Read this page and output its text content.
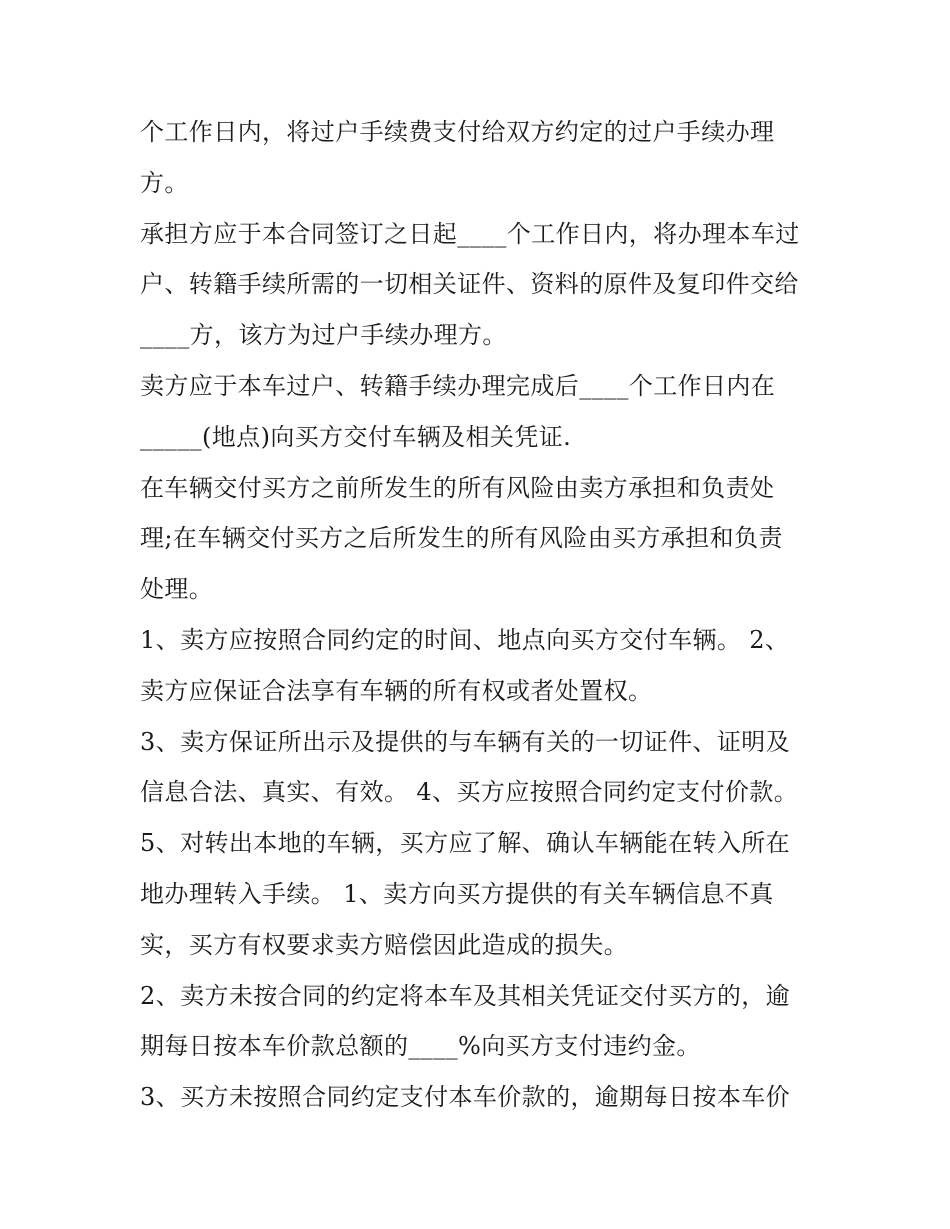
个工作日内，将过户手续费支付给双方约定的过户手续办理
方。
承担方应于本合同签订之日起____个工作日内，将办理本车过
户、转籍手续所需的一切相关证件、资料的原件及复印件交给
____方，该方为过户手续办理方。
卖方应于本车过户、转籍手续办理完成后____个工作日内在
_____(地点)向买方交付车辆及相关凭证.
在车辆交付买方之前所发生的所有风险由卖方承担和负责处
理;在车辆交付买方之后所发生的所有风险由买方承担和负责
处理。
1、卖方应按照合同约定的时间、地点向买方交付车辆。 2、
卖方应保证合法享有车辆的所有权或者处置权。
3、卖方保证所出示及提供的与车辆有关的一切证件、证明及
信息合法、真实、有效。 4、买方应按照合同约定支付价款。
5、对转出本地的车辆，买方应了解、确认车辆能在转入所在
地办理转入手续。 1、卖方向买方提供的有关车辆信息不真
实，买方有权要求卖方赔偿因此造成的损失。
2、卖方未按合同的约定将本车及其相关凭证交付买方的，逾
期每日按本车价款总额的____%向买方支付违约金。
3、买方未按照合同约定支付本车价款的，逾期每日按本车价
